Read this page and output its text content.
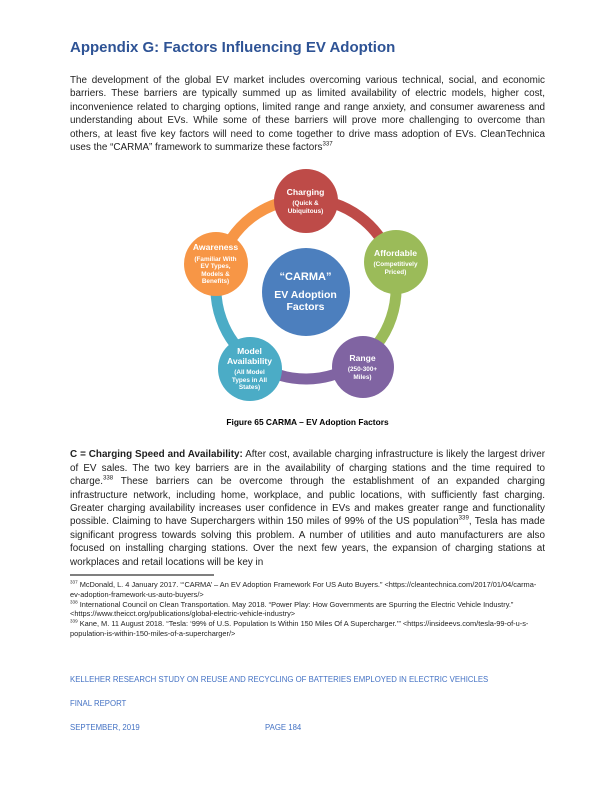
Appendix G: Factors Influencing EV Adoption

The development of the global EV market includes overcoming various technical, social, and economic barriers. These barriers are typically summed up as limited availability of electric models, higher cost, inconvenience related to charging options, limited range and range anxiety, and consumer awareness and understanding about EVs. While some of these barriers will prove more challenging to overcome than others, at least five key factors will need to come together to drive mass adoption of EVs. CleanTechnica uses the “CARMA” framework to summarize these factors$^{337}$

Charging
(Quick &
Ubiquitous)
Awareness
(Familiar With
EV Types,
Models &
Benefits)
Affordable
(Competitively
Priced)
Model
Availability
(All Model
Types in All
States)
Range
(250-300+
Miles)
“CARMA”
EV Adoption
Factors
Figure 65 CARMA – EV Adoption Factors

C = Charging Speed and Availability: After cost, available charging infrastructure is likely the largest driver of EV sales. The two key barriers are in the availability of charging stations and the time required to charge.$^{338}$ These barriers can be overcome through the establishment of an expanded charging infrastructure network, including home, workplace, and public locations, with sufficiently fast charging. Greater charging availability increases user confidence in EVs and makes greater range and functionality possible. Claiming to have Superchargers within 150 miles of 99% of the US population$^{339}$, Tesla has made significant progress towards solving this problem. A number of utilities and auto manufacturers are also focused on installing charging stations. Over the next few years, the expansion of charging stations at workplaces and retail locations will be key in

$^{337}$ McDonald, L. 4 January 2017. “‘CARMA’ – An EV Adoption Framework For US Auto Buyers.” <https://cleantechnica.com/2017/01/04/carma-ev-adoption-framework-us-auto-buyers/>
$^{338}$ International Council on Clean Transportation. May 2018. “Power Play: How Governments are Spurring the Electric Vehicle Industry.” <https://www.theicct.org/publications/global-electric-vehicle-industry>
$^{339}$ Kane, M. 11 August 2018. “Tesla: ‘99% of U.S. Population Is Within 150 Miles Of A Supercharger.’” <https://insideevs.com/tesla-99-of-u-s-population-is-within-150-miles-of-a-supercharger/>
KELLEHER RESEARCH STUDY ON REUSE AND RECYCLING OF BATTERIES EMPLOYED IN ELECTRIC VEHICLES
FINAL REPORT
SEPTEMBER, 2019	PAGE 184
